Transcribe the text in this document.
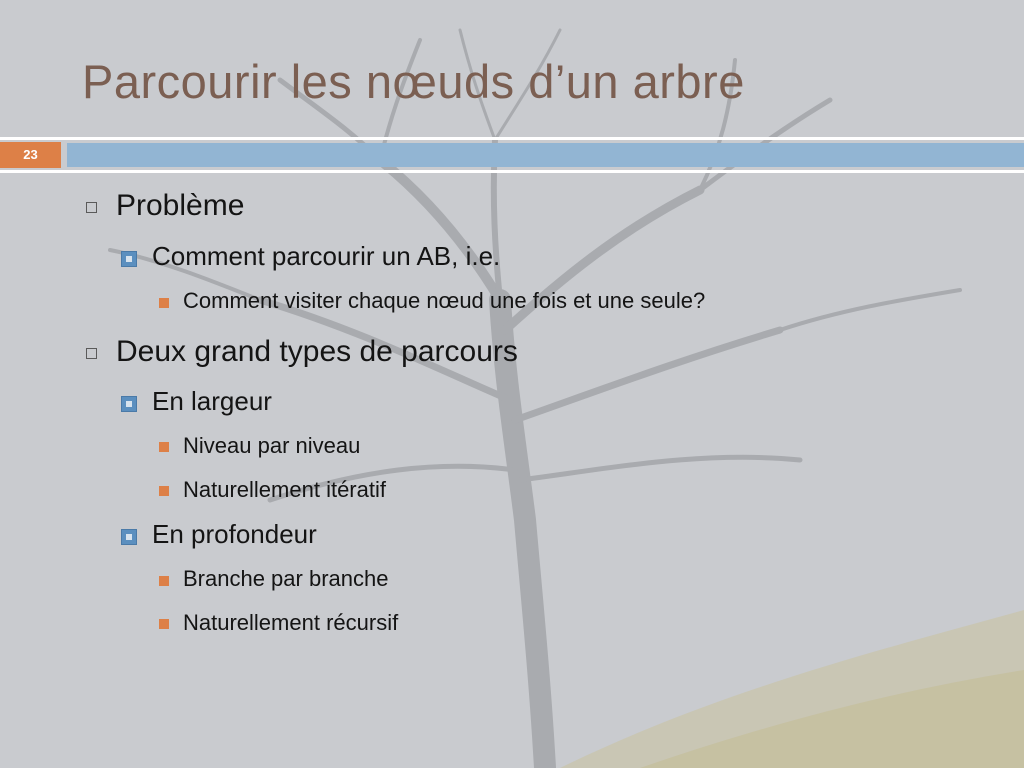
Parcourir les nœuds d’un arbre
23

Problème

Comment parcourir un AB, i.e.

Comment visiter chaque nœud une fois et une seule?

Deux grand types de parcours

En largeur

Niveau par niveau

Naturellement itératif

En profondeur

Branche par branche

Naturellement récursif
